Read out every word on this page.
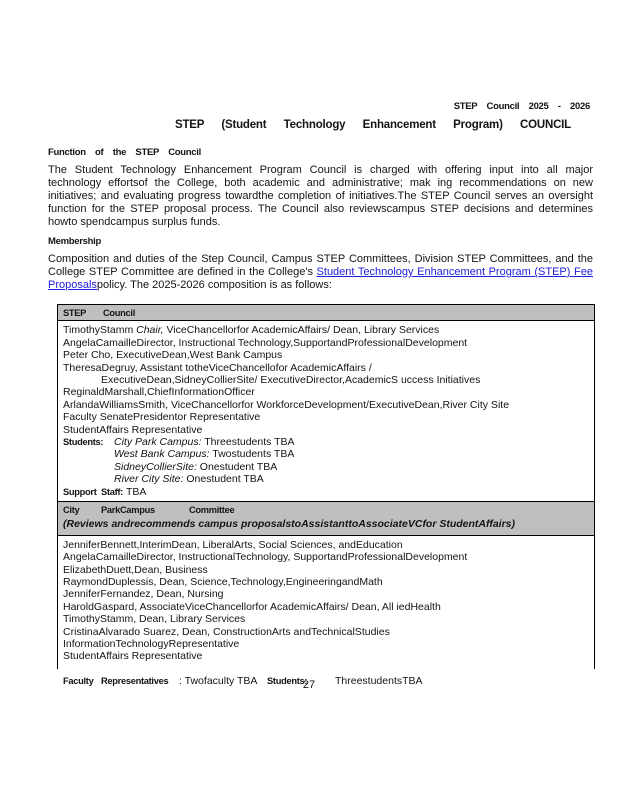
STEP Council 2025 - 2026
STEP (Student Technology Enhancement Program) COUNCIL
Function of the STEP Council
The Student Technology Enhancement Program Council is charged with offering input into all major
technology effortsof the College, both academic and administrative; mak ing recommendations on new
initiatives; and evaluating progress towardthe completion of initiatives.The STEP Council serves an oversight
function for the STEP proposal process. The Council also reviewscampus STEP decisions and determines
howto spendcampus surplus funds.
Membership
Composition and duties of the Step Council, Campus STEP Committees, Division STEP Committees, and the
College STEP Committee are defined in the College's Student Technology Enhancement Program (STEP) Fee
Proposalspolicy. The 2025-2026 composition is as follows:
STEP Council
TimothyStamm Chair, ViceChancellorfor AcademicAffairs/ Dean, Library Services
AngelaCamailleDirector, Instructional Technology,SupportandProfessionalDevelopment
Peter Cho, ExecutiveDean,West Bank Campus
TheresaDegruy, Assistant totheViceChancellofor AcademicAffairs /
ExecutiveDean,SidneyCollierSite/ ExecutiveDirector,AcademicS uccess Initiatives
ReginaldMarshall,ChiefInformationOfficer
ArlandaWilliamsSmith, ViceChancellorfor WorkforceDevelopment/ExecutiveDean,River City Site
Faculty SenatePresidentor Representative
StudentAffairs Representative
Students: City Park Campus: Threestudents TBA
West Bank Campus: Twostudents TBA
SidneyCollierSite: Onestudent TBA
River City Site: Onestudent TBA
Support Staff: TBA
City ParkCampus	Committee
(Reviews andrecommends campus proposalstoAssistanttoAssociateVCfor StudentAffairs)
JenniferBennett,InterimDean, LiberalArts, Social Sciences, andEducation
AngelaCamailleDirector, InstructionalTechnology, SupportandProfessionalDevelopment
ElizabethDuett,Dean, Business
RaymondDuplessis, Dean, Science,Technology,EngineeringandMath
JenniferFernandez, Dean, Nursing
HaroldGaspard, AssociateViceChancellorfor AcademicAffairs/ Dean, All iedHealth
TimothyStamm, Dean, Library Services
CristinaAlvarado Suarez, Dean, ConstructionArts andTechnicalStudies
InformationTechnologyRepresentative
StudentAffairs Representative

Faculty Representatives : Twofaculty TBA Students:	ThreestudentsTBA
27
